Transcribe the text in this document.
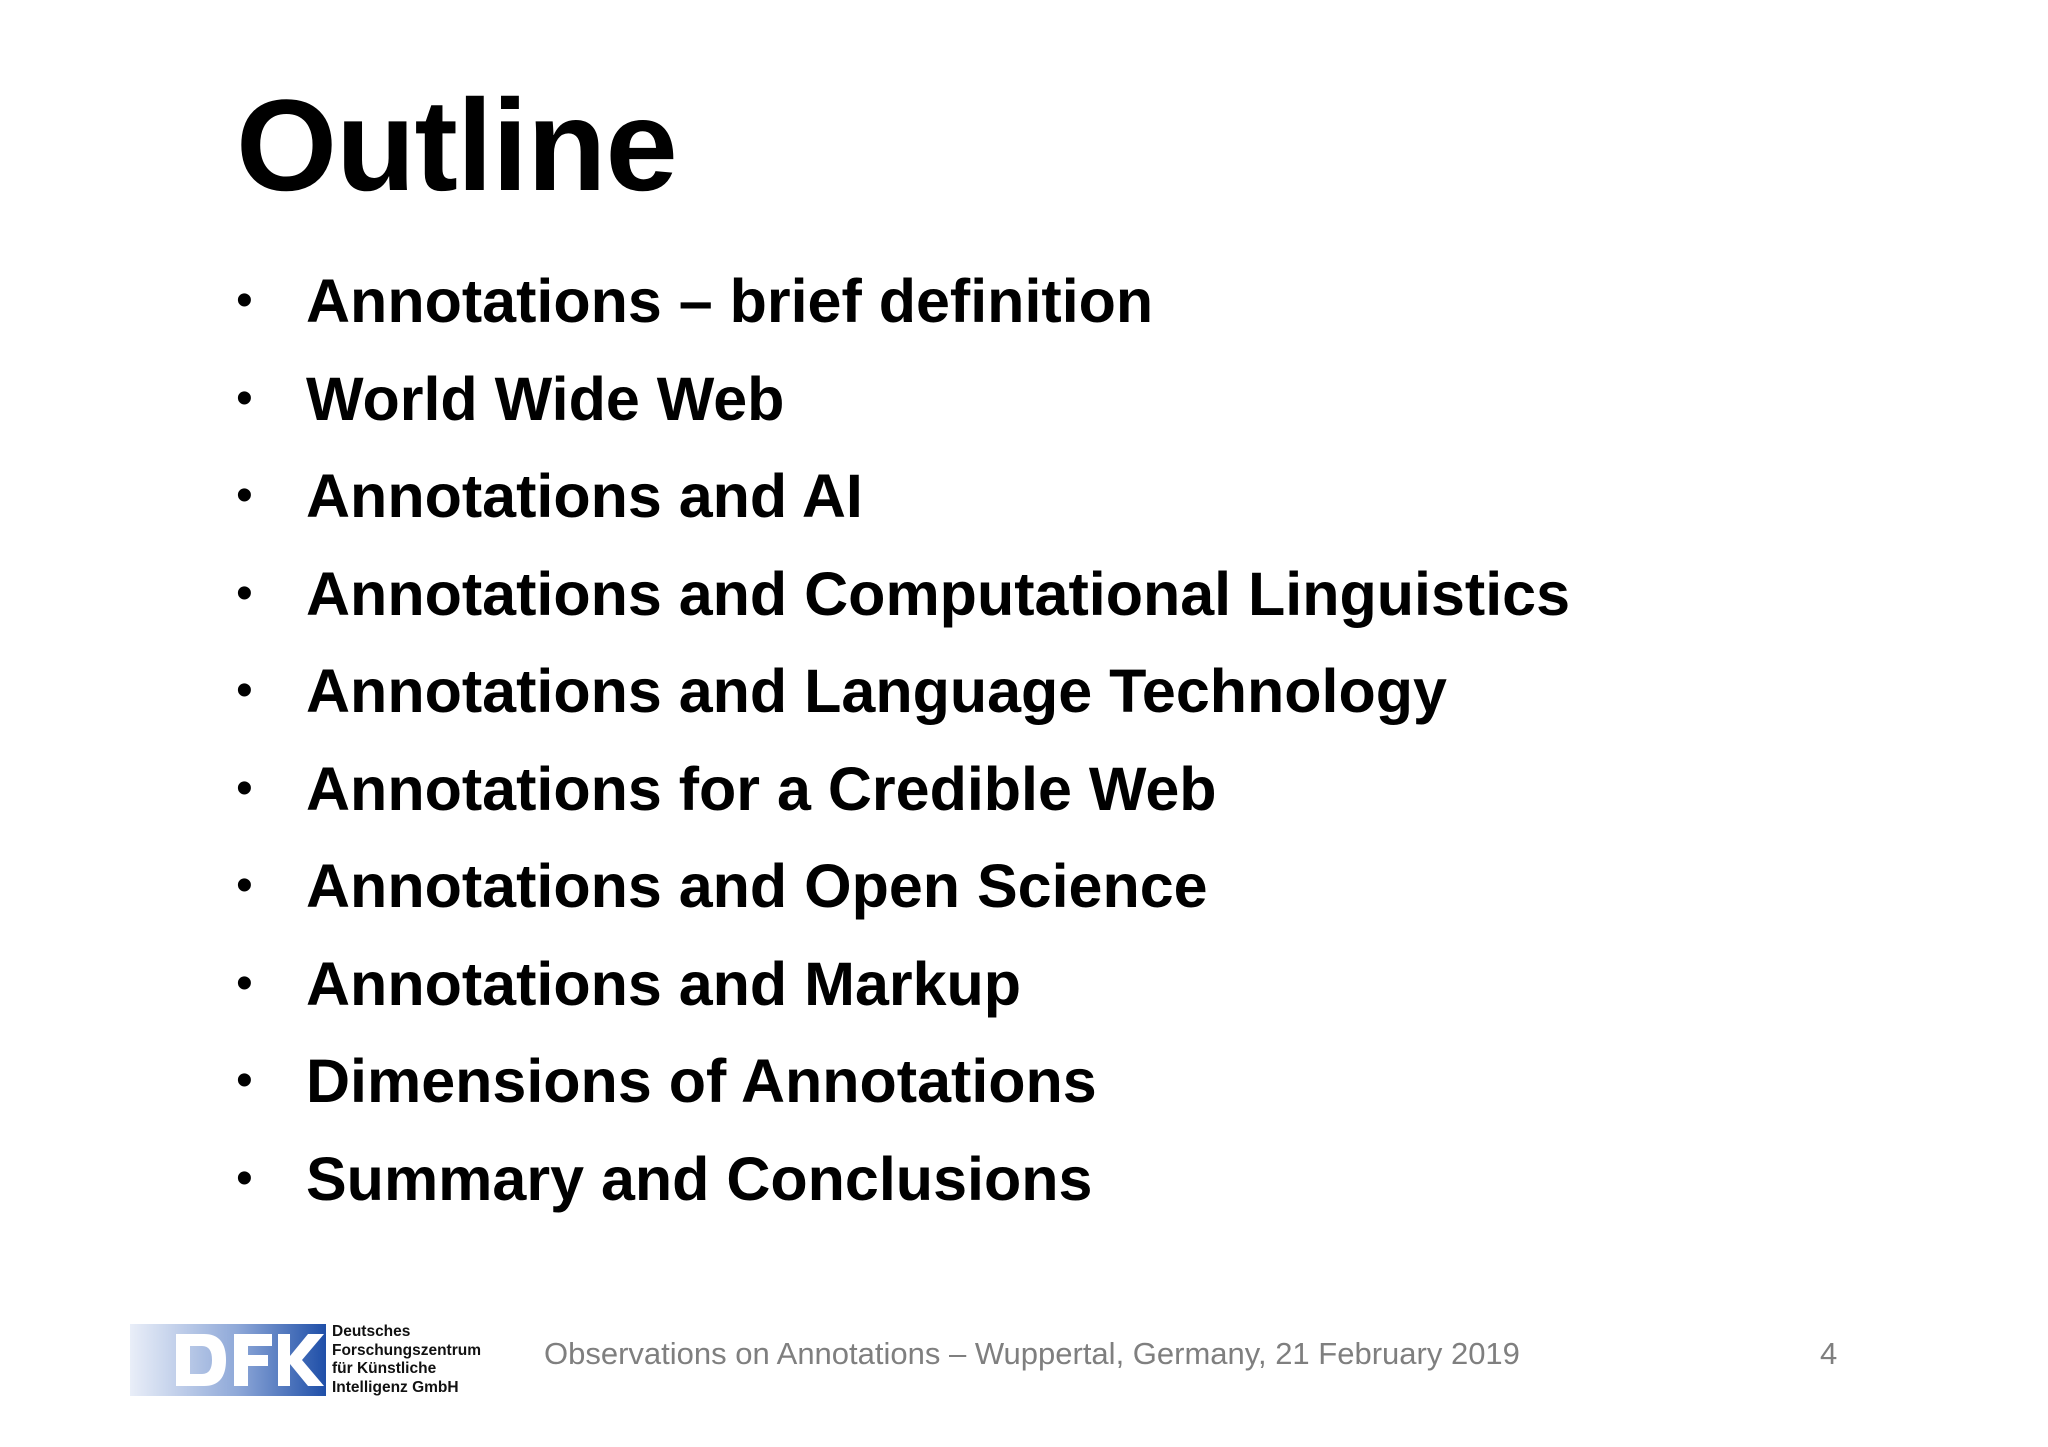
Outline
• Annotations – brief definition
• World Wide Web
• Annotations and AI
• Annotations and Computational Linguistics
• Annotations and Language Technology
• Annotations for a Credible Web
• Annotations and Open Science
• Annotations and Markup
• Dimensions of Annotations
• Summary and Conclusions
Deutsches
Forschungszentrum
für Künstliche
Intelligenz GmbH
Observations on Annotations – Wuppertal, Germany, 21 February 2019	4
